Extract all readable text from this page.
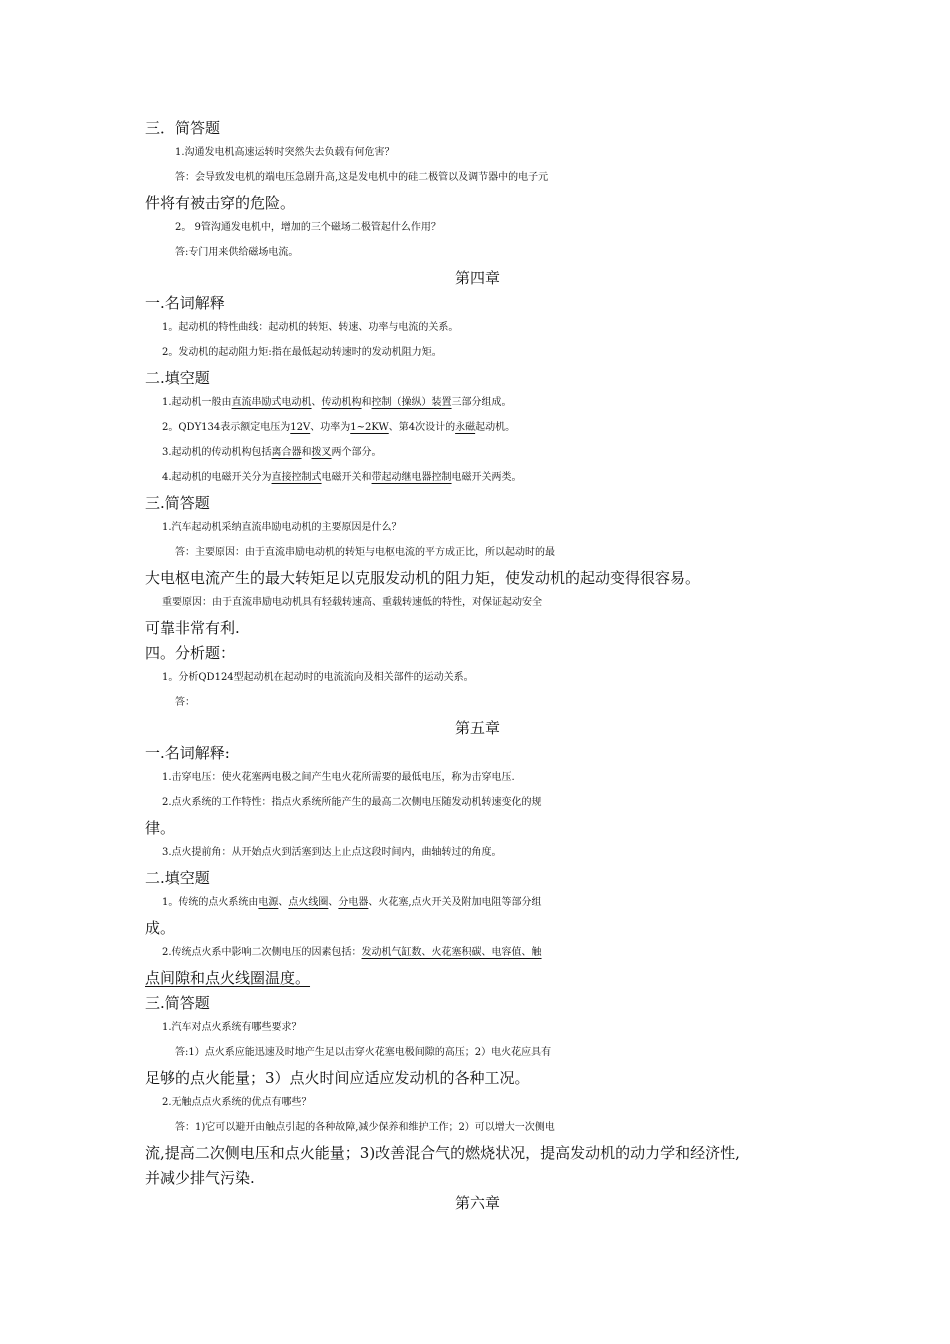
三．简答题
1.沟通发电机高速运转时突然失去负载有何危害？
答：会导致发电机的端电压急剧升高,这是发电机中的硅二极管以及调节器中的电子元
件将有被击穿的危险。
2。 9管沟通发电机中，增加的三个磁场二极管起什么作用？
答:专门用来供给磁场电流。
第四章
一.名词解释
1。起动机的特性曲线：起动机的转矩、转速、功率与电流的关系。
2。发动机的起动阻力矩:指在最低起动转速时的发动机阻力矩。
二.填空题
1.起动机一般由直流串励式电动机、传动机构和控制（操纵）装置三部分组成。
2。QDY134表示额定电压为12V、功率为1~2KW、第4次设计的永磁起动机。
3.起动机的传动机构包括离合器和拨叉两个部分。
4.起动机的电磁开关分为直接控制式电磁开关和带起动继电器控制电磁开关两类。
三.简答题
1.汽车起动机采纳直流串励电动机的主要原因是什么？
答：主要原因：由于直流串励电动机的转矩与电枢电流的平方成正比，所以起动时的最
大电枢电流产生的最大转矩足以克服发动机的阻力矩，使发动机的起动变得很容易。
重要原因：由于直流串励电动机具有轻载转速高、重载转速低的特性，对保证起动安全
可靠非常有利.
四。分析题：
1。分析QD124型起动机在起动时的电流流向及相关部件的运动关系。
答：
第五章
一.名词解释:
1.击穿电压：使火花塞两电极之间产生电火花所需要的最低电压，称为击穿电压.
2.点火系统的工作特性：指点火系统所能产生的最高二次侧电压随发动机转速变化的规
律。
3.点火提前角：从开始点火到活塞到达上止点这段时间内，曲轴转过的角度。
二.填空题
1。传统的点火系统由电源、点火线圈、分电器、火花塞,点火开关及附加电阻等部分组
成。
2.传统点火系中影响二次侧电压的因素包括：发动机气缸数、火花塞积碳、电容值、触
点间隙和点火线圈温度。
三.简答题
1.汽车对点火系统有哪些要求？
答:1）点火系应能迅速及时地产生足以击穿火花塞电极间隙的高压；2）电火花应具有
足够的点火能量；3）点火时间应适应发动机的各种工况。
2.无触点点火系统的优点有哪些？
答：1)它可以避开由触点引起的各种故障,减少保养和维护工作；2）可以增大一次侧电
流,提高二次侧电压和点火能量；3)改善混合气的燃烧状况，提高发动机的动力学和经济性,
并减少排气污染.
第六章
